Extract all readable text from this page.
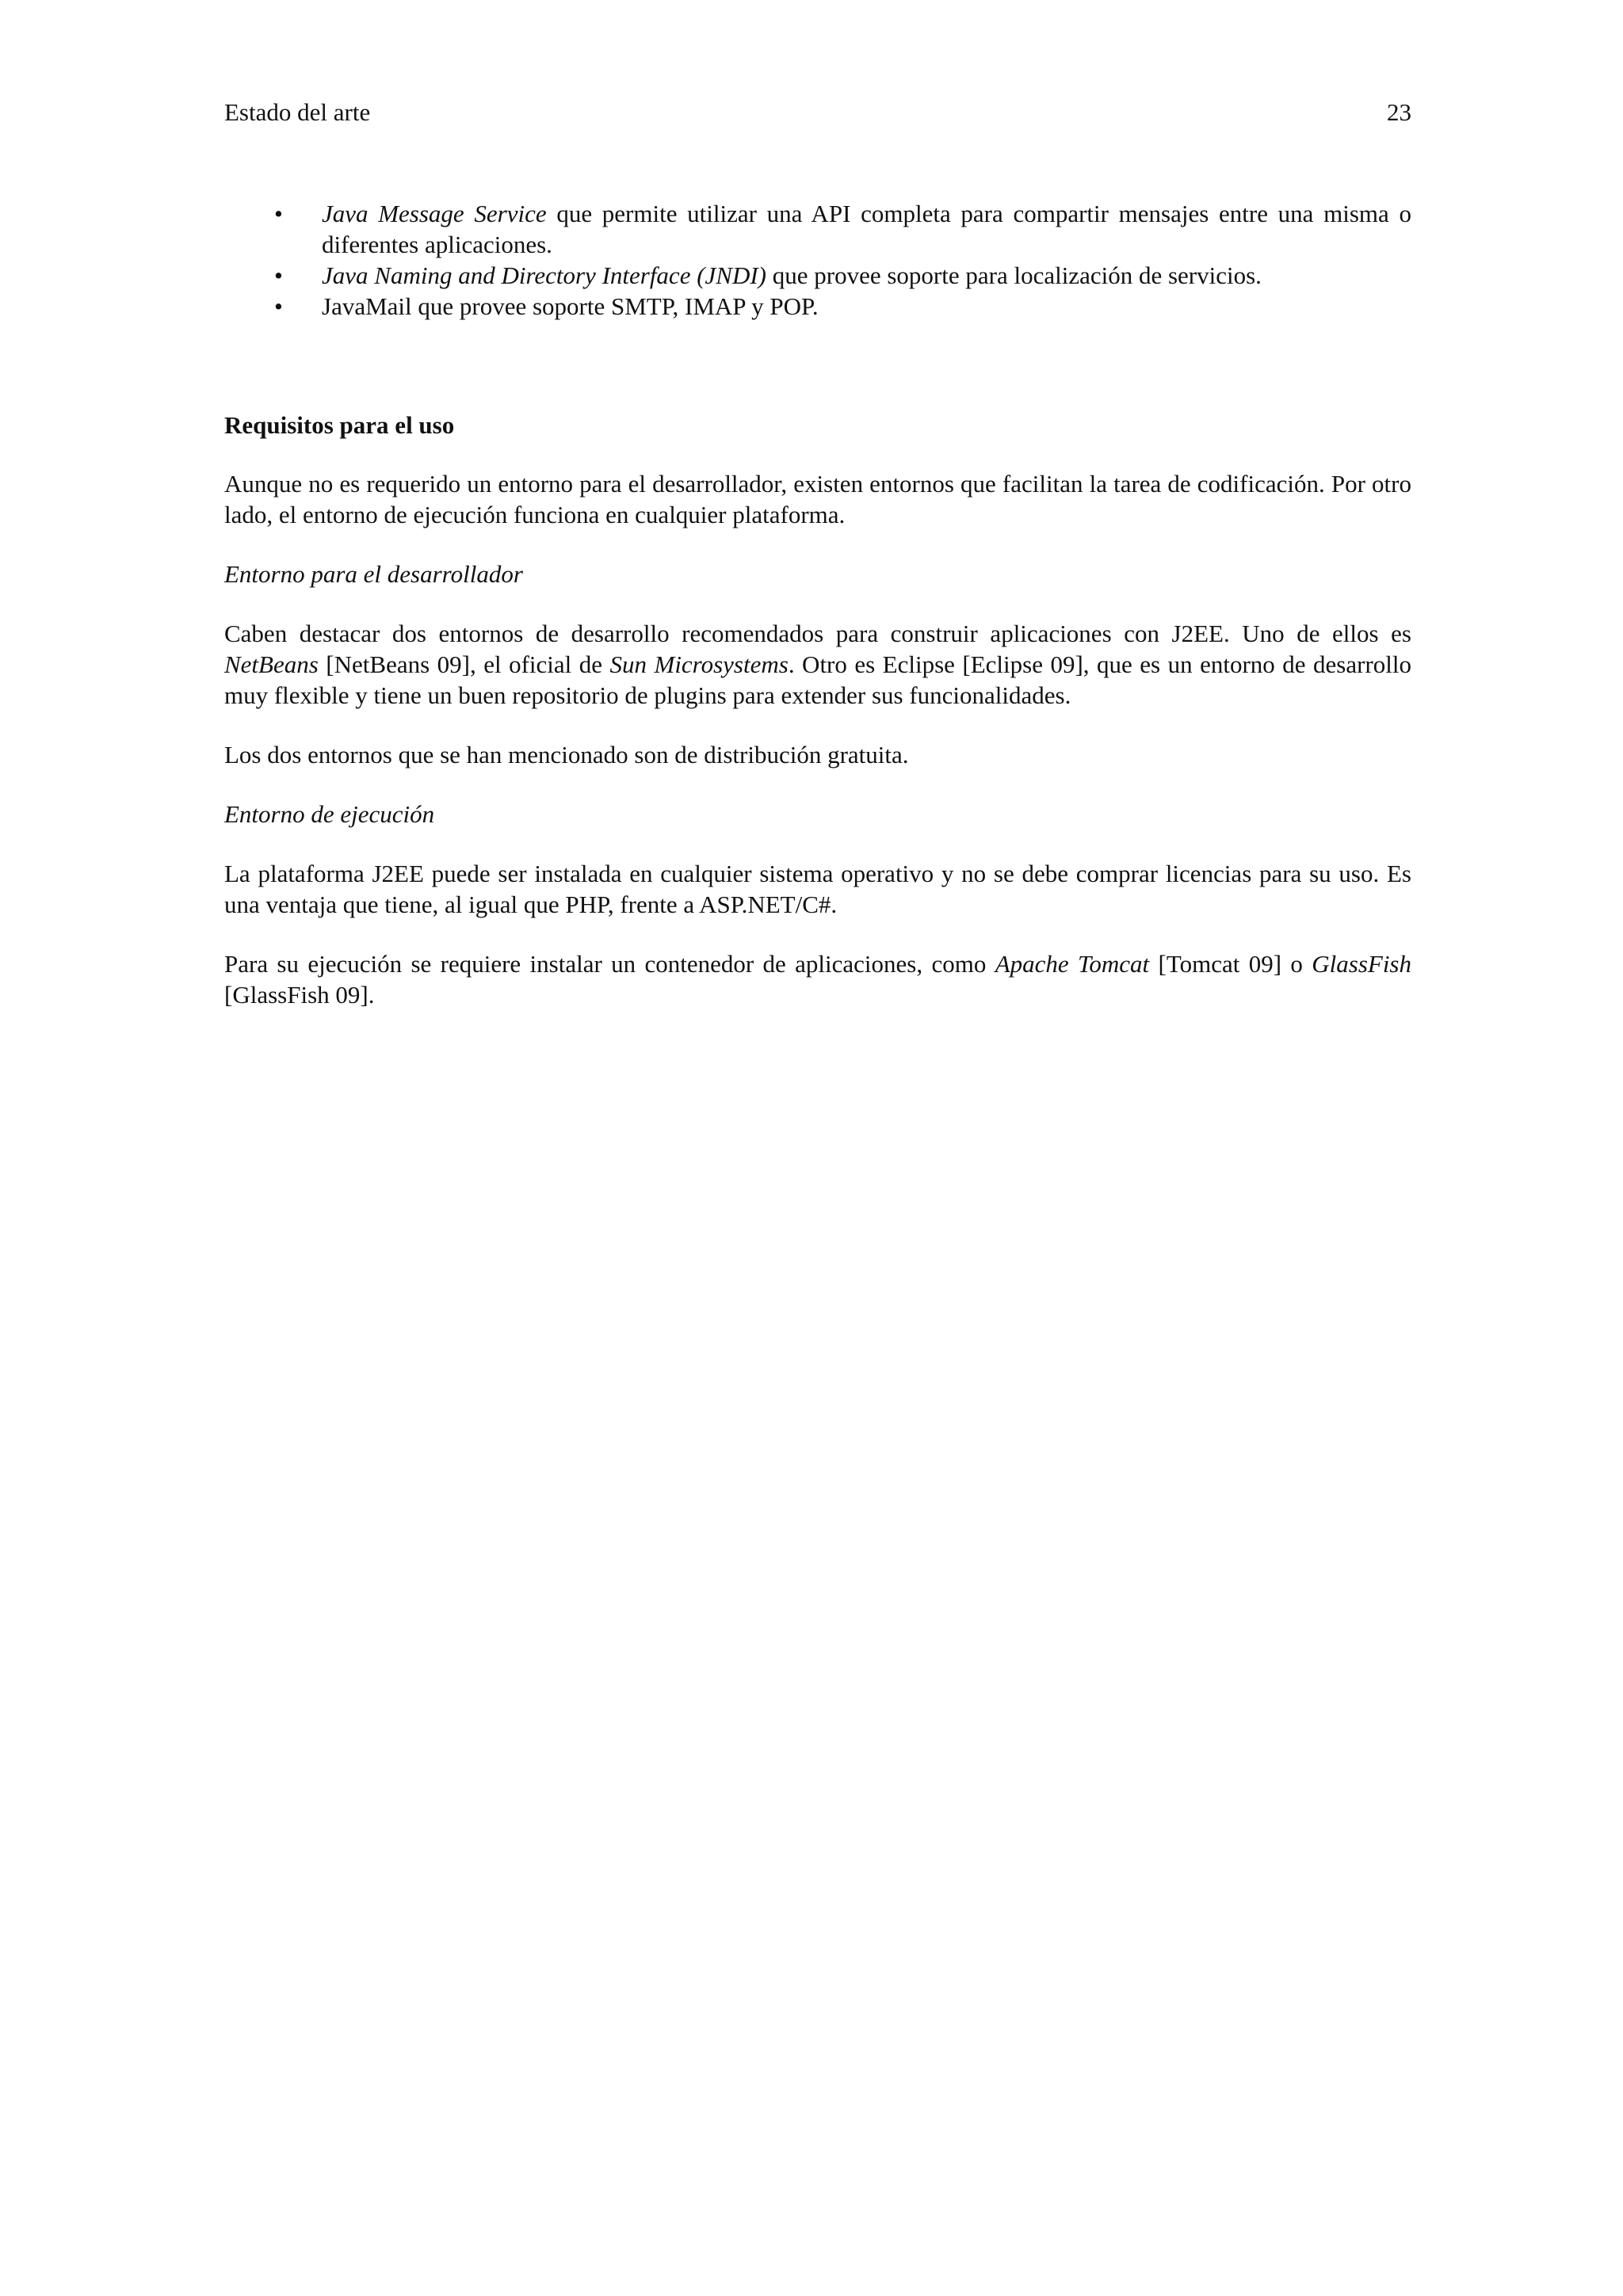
Estado del arte	23
• Java Message Service que permite utilizar una API completa para compartir mensajes entre una misma o diferentes aplicaciones.
• Java Naming and Directory Interface (JNDI) que provee soporte para localización de servicios.
• JavaMail que provee soporte SMTP, IMAP y POP.
Requisitos para el uso

Aunque no es requerido un entorno para el desarrollador, existen entornos que facilitan la tarea de codificación. Por otro lado, el entorno de ejecución funciona en cualquier plataforma.

Entorno para el desarrollador

Caben destacar dos entornos de desarrollo recomendados para construir aplicaciones con J2EE. Uno de ellos es NetBeans [NetBeans 09], el oficial de Sun Microsystems. Otro es Eclipse [Eclipse 09], que es un entorno de desarrollo muy flexible y tiene un buen repositorio de plugins para extender sus funcionalidades.

Los dos entornos que se han mencionado son de distribución gratuita.

Entorno de ejecución

La plataforma J2EE puede ser instalada en cualquier sistema operativo y no se debe comprar licencias para su uso. Es una ventaja que tiene, al igual que PHP, frente a ASP.NET/C#.

Para su ejecución se requiere instalar un contenedor de aplicaciones, como Apache Tomcat [Tomcat 09] o GlassFish [GlassFish 09].
